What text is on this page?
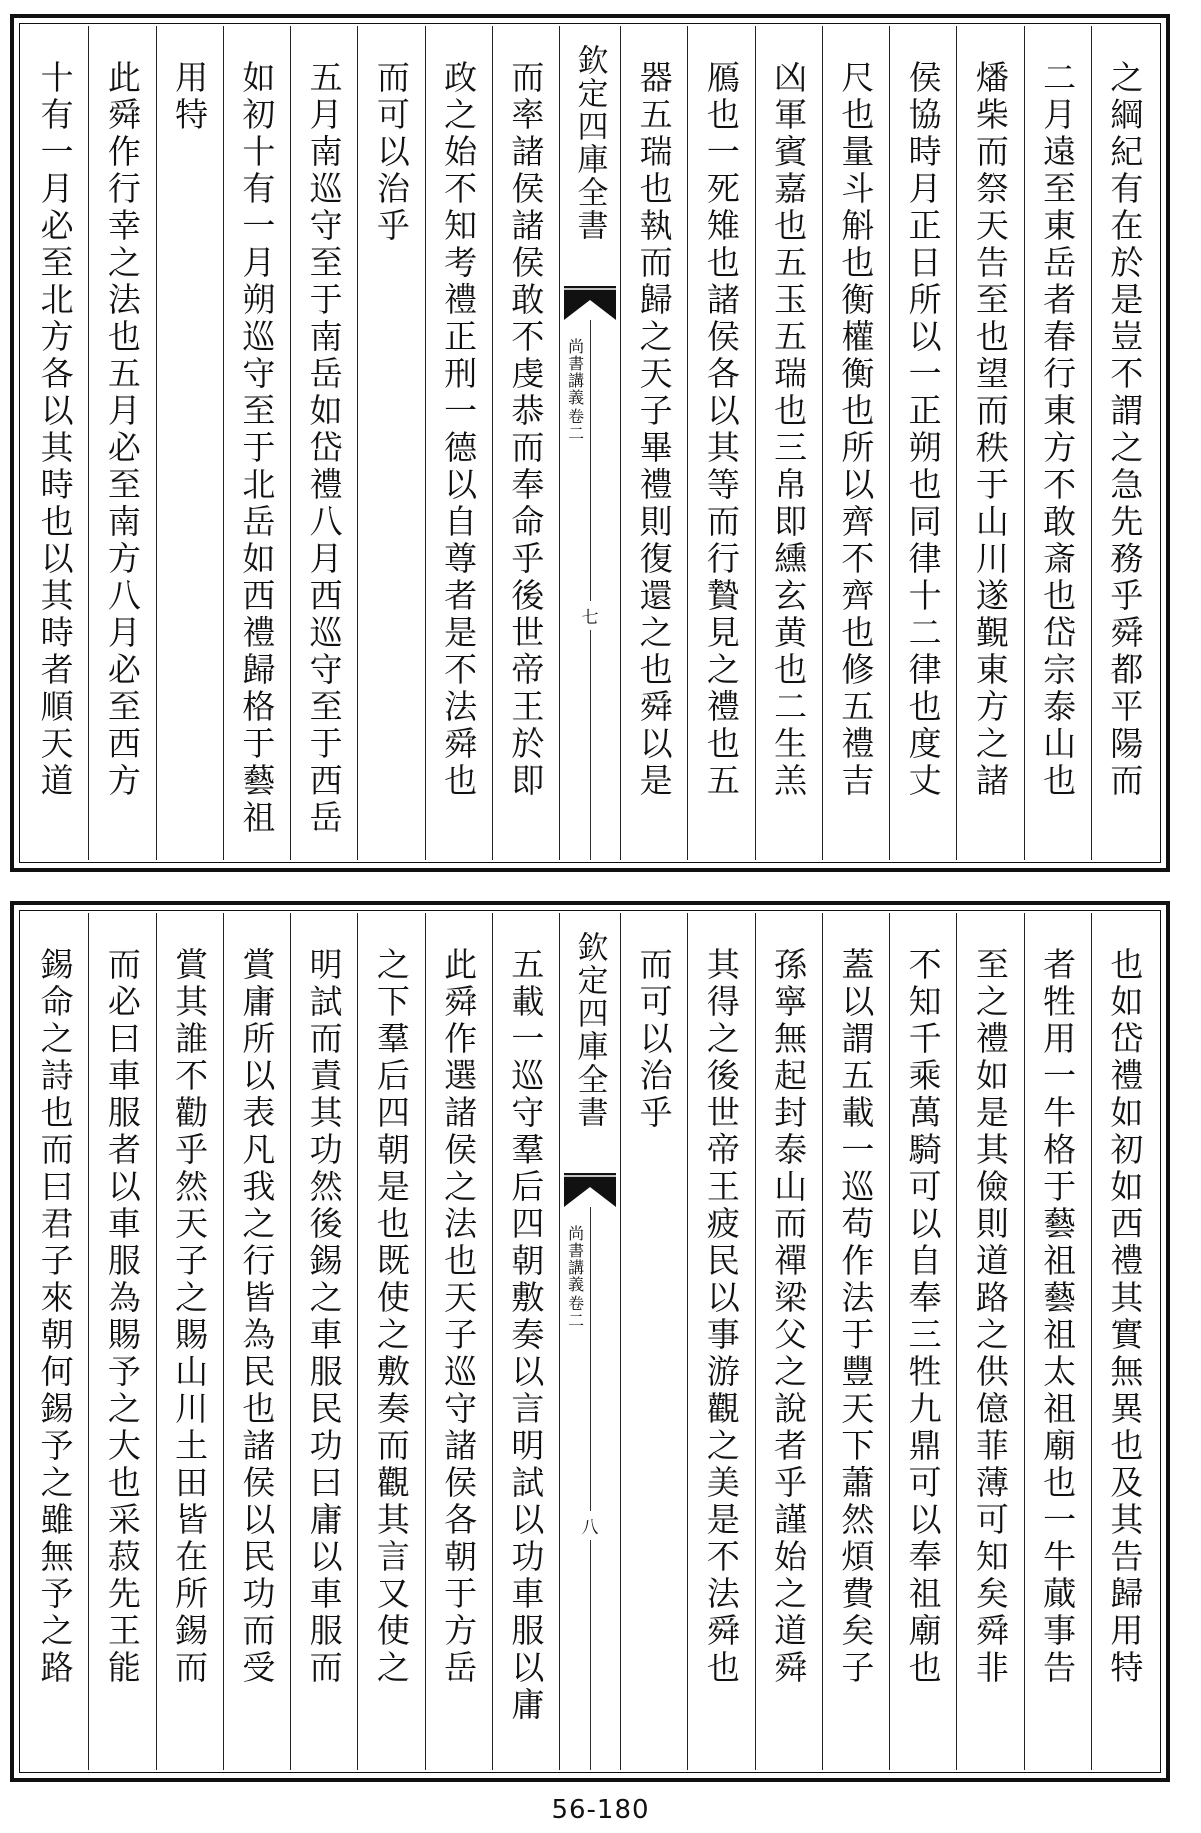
之綱紀有在於是豈不謂之急先務乎舜都平陽而
二月遠至東岳者春行東方不敢斎也岱宗泰山也
燔柴而祭天告至也望而秩于山川遂覲東方之諸
侯協時月正日所以一正朔也同律十二律也度丈
尺也量斗斛也衡權衡也所以齊不齊也修五禮吉
凶軍賓嘉也五玉五瑞也三帛即纁玄黄也二生羔
鴈也一死雉也諸侯各以其等而行贄見之禮也五
器五瑞也執而歸之天子畢禮則復還之也舜以是
欽定四庫全書
尚書講義
卷二
七
而率諸侯諸侯敢不虔恭而奉命乎後世帝王於即
政之始不知考禮正刑一德以自尊者是不法舜也
而可以治乎
五月南巡守至于南岳如岱禮八月西巡守至于西岳
如初十有一月朔巡守至于北岳如西禮歸格于藝祖
用特
此舜作行幸之法也五月必至南方八月必至西方
十有一月必至北方各以其時也以其時者順天道
也如岱禮如初如西禮其實無異也及其告歸用特
者牲用一牛格于藝祖藝祖太祖廟也一牛蕆事告
至之禮如是其儉則道路之供億菲薄可知矣舜非
不知千乘萬騎可以自奉三牲九鼎可以奉祖廟也
蓋以謂五載一巡苟作法于豐天下蕭然煩費矣子
孫寧無起封泰山而禪梁父之說者乎謹始之道舜
其得之後世帝王疲民以事游觀之美是不法舜也
而可以治乎
欽定四庫全書
尚書講義
卷二
八
五載一巡守羣后四朝敷奏以言明試以功車服以庸
此舜作選諸侯之法也天子巡守諸侯各朝于方岳
之下羣后四朝是也既使之敷奏而觀其言又使之
明試而責其功然後錫之車服民功曰庸以車服而
賞庸所以表凡我之行皆為民也諸侯以民功而受
賞其誰不勸乎然天子之賜山川土田皆在所錫而
而必曰車服者以車服為賜予之大也采菽先王能
錫命之詩也而曰君子來朝何錫予之雖無予之路
56-180
